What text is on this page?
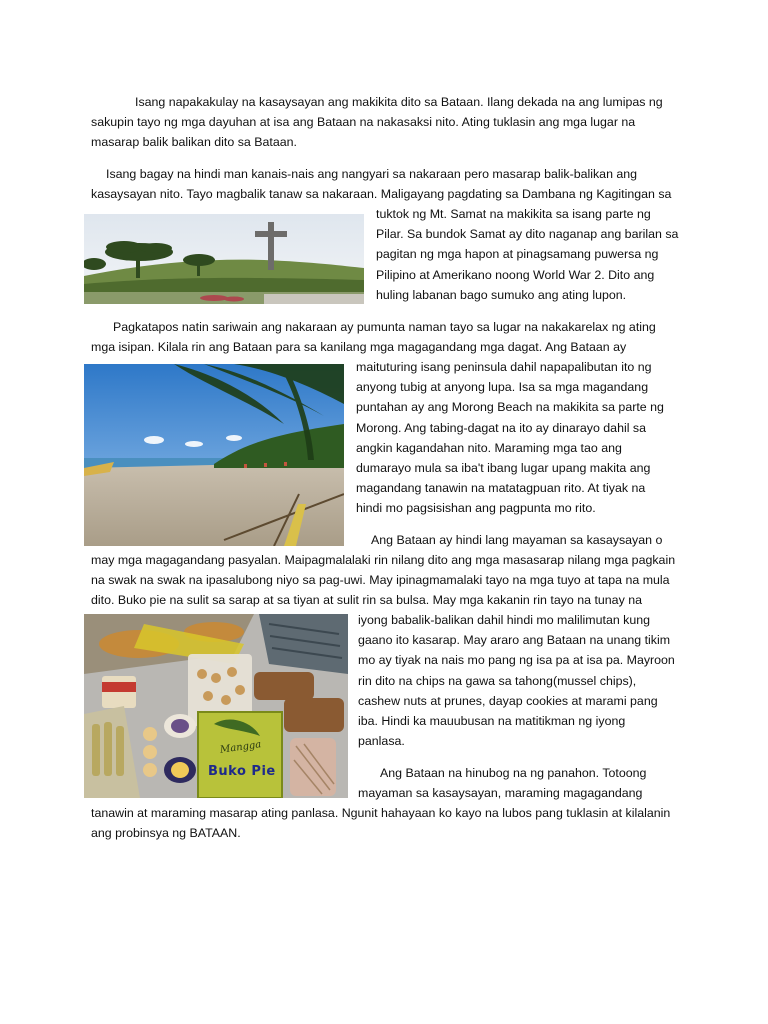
Isang napakakulay na kasaysayan ang makikita dito sa Bataan. Ilang dekada na ang lumipas ng
sakupin tayo ng mga dayuhan at isa ang Bataan na nakasaksi nito. Ating tuklasin ang mga lugar na
masarap balik balikan dito sa Bataan.
Isang bagay na hindi man kanais-nais ang nangyari sa nakaraan pero masarap balik-balikan ang
kasaysayan nito. Tayo magbalik tanaw sa nakaraan. Maligayang pagdating sa Dambana ng Kagitingan sa
tuktok ng Mt. Samat na makikita sa isang parte ng
Pilar. Sa bundok Samat ay dito naganap ang barilan sa
pagitan ng mga hapon at pinagsamang puwersa ng
Pilipino at Amerikano noong World War 2. Dito ang
huling labanan bago sumuko ang ating lupon.
Pagkatapos natin sariwain ang nakaraan ay pumunta naman tayo sa lugar na nakakarelax ng ating
mga isipan. Kilala rin ang Bataan para sa kanilang mga magagandang mga dagat. Ang Bataan ay
maituturing isang peninsula dahil napapalibutan ito ng
anyong tubig at anyong lupa. Isa sa mga magandang
puntahan ay ang Morong Beach na makikita sa parte ng
Morong. Ang tabing-dagat na ito ay dinarayo dahil sa
angkin kagandahan nito. Maraming mga tao ang
dumarayo mula sa iba't ibang lugar upang makita ang
magandang tanawin na matatagpuan rito. At tiyak na
hindi mo pagsisishan ang pagpunta mo rito.
Ang Bataan ay hindi lang mayaman sa kasaysayan o
may mga magagandang pasyalan. Maipagmalalaki rin nilang dito ang mga masasarap nilang mga pagkain
na swak na swak na ipasalubong niyo sa pag-uwi. May ipinagmamalaki tayo na mga tuyo at tapa na mula
dito. Buko pie na sulit sa sarap at sa tiyan at sulit rin sa bulsa. May mga kakanin rin tayo na tunay na
iyong babalik-balikan dahil hindi mo malilimutan kung
gaano ito kasarap. May araro ang Bataan na unang tikim
mo ay tiyak na nais mo pang ng isa pa at isa pa. Mayroon
rin dito na chips na gawa sa tahong(mussel chips),
cashew nuts at prunes, dayap cookies at marami pang
iba. Hindi ka mauubusan na matitikman ng iyong
panlasa.
Mangga
Buko Pie	Ang Bataan na hinubog na ng panahon. Totoong
mayaman sa kasaysayan, maraming magagandang
tanawin at maraming masarap ating panlasa. Ngunit hahayaan ko kayo na lubos pang tuklasin at kilalanin
ang probinsya ng BATAAN.
